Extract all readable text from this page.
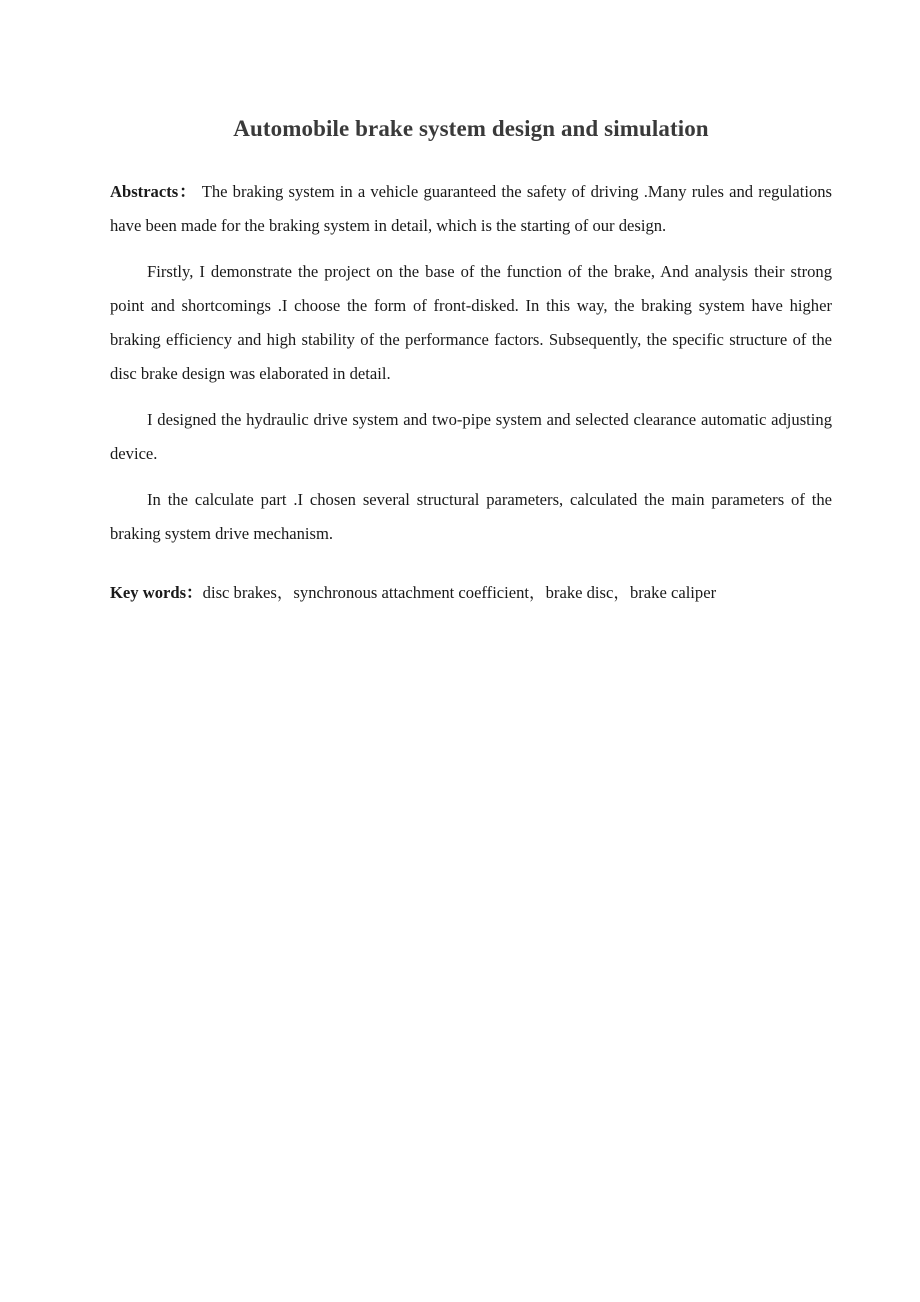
Automobile brake system design and simulation

Abstracts： The braking system in a vehicle guaranteed the safety of driving .Many rules and regulations have been made for the braking system in detail, which is the starting of our design.

Firstly, I demonstrate the project on the base of the function of the brake, And analysis their strong point and shortcomings .I choose the form of front-disked. In this way, the braking system have higher braking efficiency and high stability of the performance factors. Subsequently, the specific structure of the disc brake design was elaborated in detail.

I designed the hydraulic drive system and two-pipe system and selected clearance automatic adjusting device.

In the calculate part .I chosen several structural parameters, calculated the main parameters of the braking system drive mechanism.

Key words：disc brakes，synchronous attachment coefficient，brake disc，brake caliper
